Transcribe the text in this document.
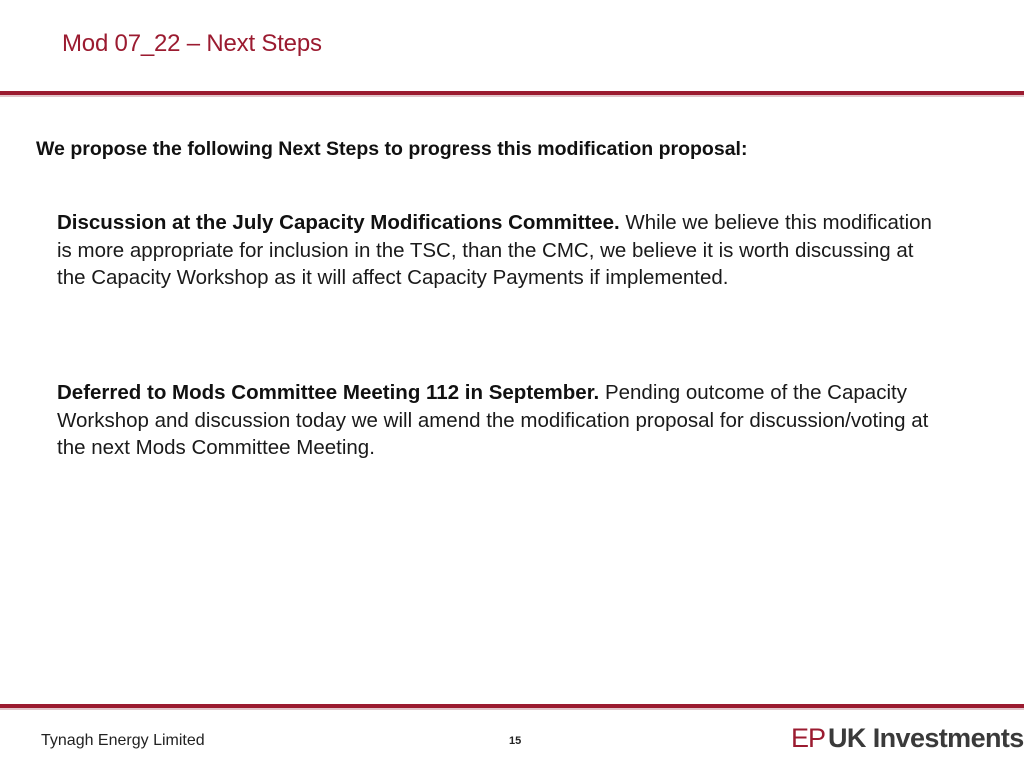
Mod 07_22 – Next Steps
We propose the following Next Steps to progress this modification proposal:
Discussion at the July Capacity Modifications Committee. While we believe this modification is more appropriate for inclusion in the TSC, than the CMC, we believe it is worth discussing at the Capacity Workshop as it will affect Capacity Payments if implemented.
Deferred to Mods Committee Meeting 112 in September. Pending outcome of the Capacity Workshop and discussion today we will amend the modification proposal for discussion/voting at the next Mods Committee Meeting.
Tynagh Energy Limited	15	EP UK Investments
